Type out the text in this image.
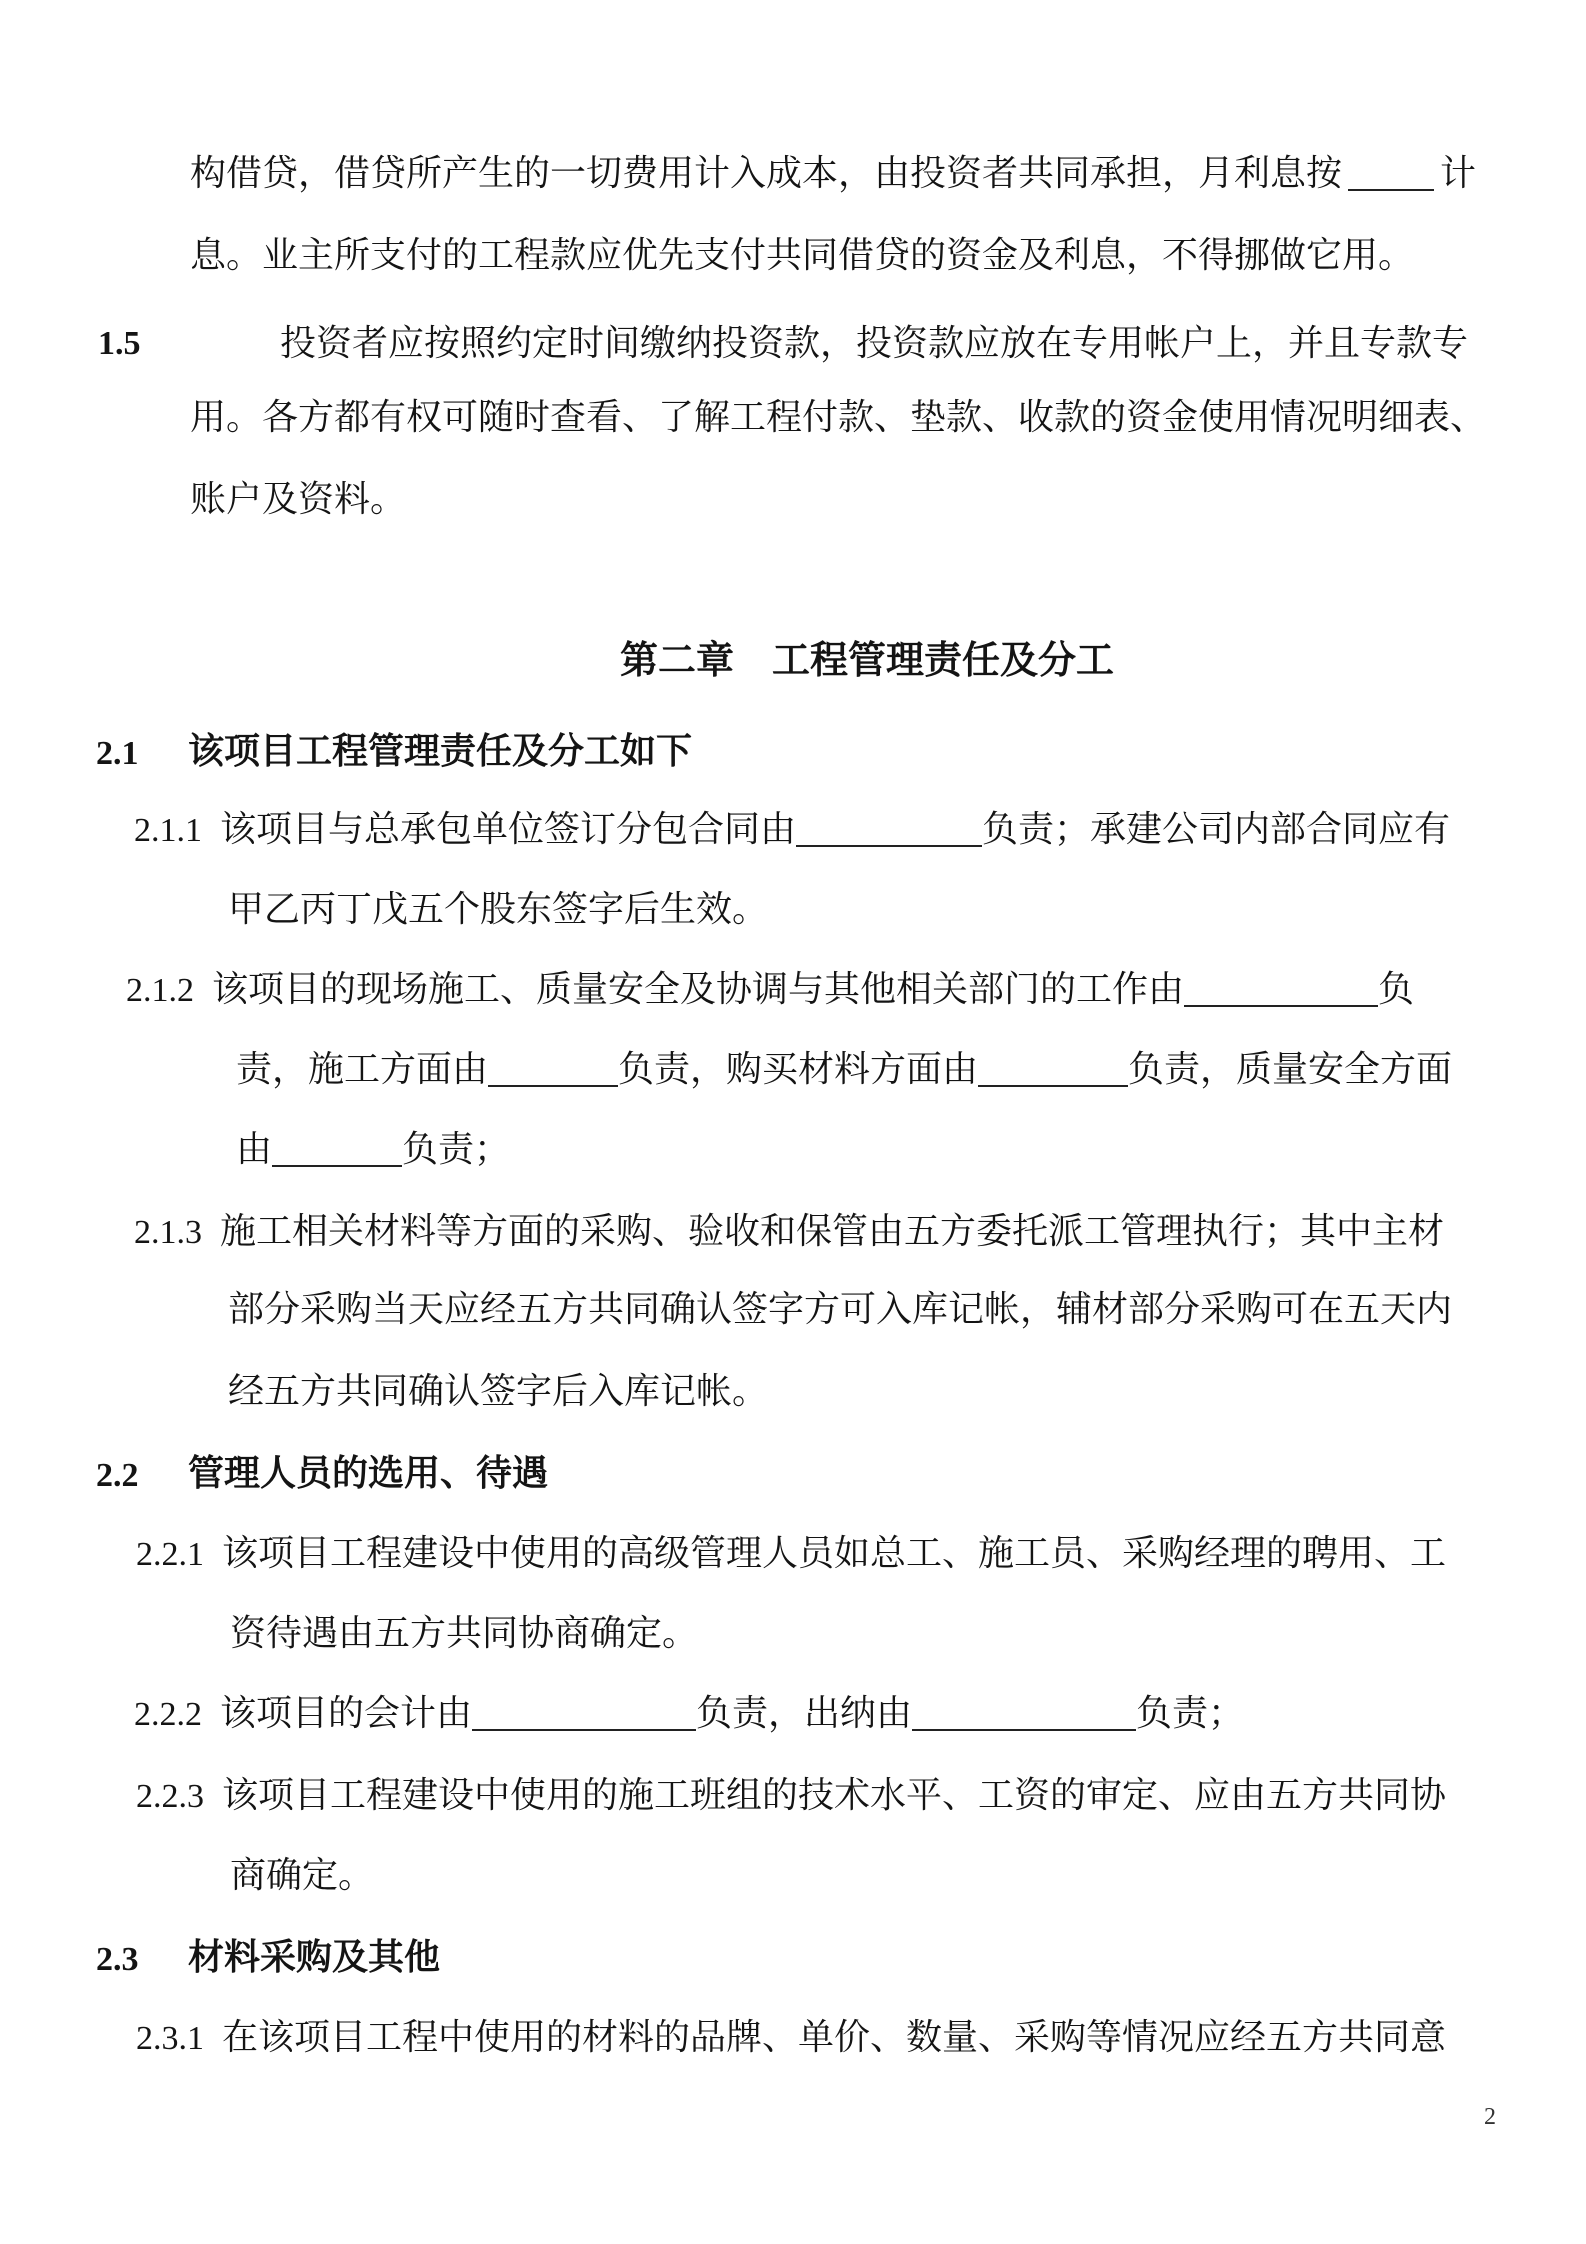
构借贷，借贷所产生的一切费用计入成本，由投资者共同承担，月利息按	计
息。业主所支付的工程款应优先支付共同借贷的资金及利息，不得挪做它用。
1.5	投资者应按照约定时间缴纳投资款，投资款应放在专用帐户上，并且专款专
用。各方都有权可随时查看、了解工程付款、垫款、收款的资金使用情况明细表、
账户及资料。
第二章　工程管理责任及分工
2.1 该项目工程管理责任及分工如下
2.1.1 该项目与总承包单位签订分包合同由	负责；承建公司内部合同应有
甲乙丙丁戊五个股东签字后生效。
2.1.2 该项目的现场施工、质量安全及协调与其他相关部门的工作由	负
责，施工方面由	负责，购买材料方面由	负责，质量安全方面
由	负责；
2.1.3 施工相关材料等方面的采购、验收和保管由五方委托派工管理执行；其中主材
部分采购当天应经五方共同确认签字方可入库记帐，辅材部分采购可在五天内
经五方共同确认签字后入库记帐。
2.2 管理人员的选用、待遇
2.2.1 该项目工程建设中使用的高级管理人员如总工、施工员、采购经理的聘用、工
资待遇由五方共同协商确定。
2.2.2 该项目的会计由	负责，出纳由	负责；
2.2.3 该项目工程建设中使用的施工班组的技术水平、工资的审定、应由五方共同协
商确定。
2.3 材料采购及其他
2.3.1 在该项目工程中使用的材料的品牌、单价、数量、采购等情况应经五方共同意
2
